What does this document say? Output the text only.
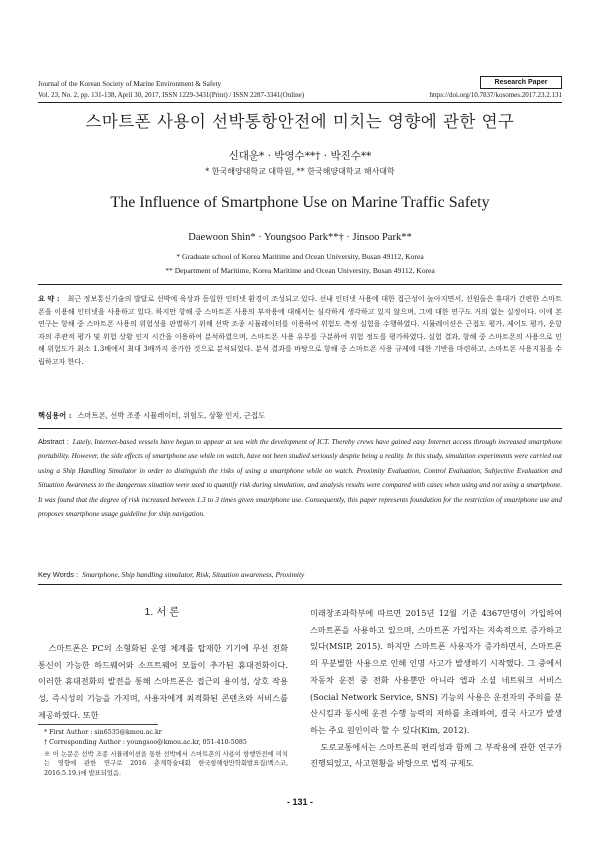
Journal of the Korean Society of Marine Environment & Safety
Vol. 23, No. 2, pp. 131-138, April 30, 2017, ISSN 1229-3431(Print) / ISSN 2287-3341(Online)	https://doi.org/10.7837/kosomes.2017.23.2.131
Research Paper
스마트폰 사용이 선박통항안전에 미치는 영향에 관한 연구
신대운* · 박영수**† · 박진수**
* 한국해양대학교 대학원, ** 한국해양대학교 해사대학
The Influence of Smartphone Use on Marine Traffic Safety
Daewoon Shin* · Youngsoo Park**† · Jinsoo Park**
* Graduate school of Korea Maritime and Ocean University, Busan 49112, Korea
** Department of Maritime, Korea Maritime and Ocean University, Busan 49112, Korea
요 약 : 최근 정보통신기술의 발달로 선박에 육상과 동일한 인터넷 환경이 조성되고 있다. 선내 인터넷 사용에 대한 접근성이 높아지면서, 선원들은 휴대가 간편한 스마트폰을 이용해 인터넷을 사용하고 있다. 하지만 항해 중 스마트폰 사용의 부작용에 대해서는 심각하게 생각하고 있지 않으며, 그에 대한 연구도 거의 없는 실정이다. 이에 본 연구는 항해 중 스마트폰 사용의 위험성을 판별하기 위해 선박 조종 시뮬레이터를 이용하여 위험도 측정 실험을 수행하였다. 시뮬레이션은 근접도 평가, 제어도 평가, 운항자의 주관적 평가 및 위험 상황 인지 시간을 이용하여 분석하였으며, 스마트폰 사용 유무를 구분하여 위험 정도를 평가하였다. 실험 결과, 항해 중 스마트폰의 사용으로 인해 위험도가 최소 1.3배에서 최대 3배까지 증가한 것으로 분석되었다. 분석 결과를 바탕으로 항해 중 스마트폰 사용 규제에 대한 기반을 마련하고, 스마트폰 사용지침을 수립하고자 한다.
핵심용어 : 스마트폰, 선박 조종 시뮬레이터, 위험도, 상황 인지, 근접도
Abstract : Lately, Internet-based vessels have begun to appear at sea with the development of ICT. Thereby crews have gained easy Internet access through increased smartphone portability. However, the side effects of smartphone use while on watch, have not been studied seriously despite being a reality. In this study, simulation experiments were carried out using a Ship Handling Simulator in order to distinguish the risks of using a smartphone while on watch. Proximity Evaluation, Control Evaluation, Subjective Evaluation and Situation Awareness to the dangerous situation were used to quantify risk during simulation, and analysis results were compared with cases when using and not using a smartphone. It was found that the degree of risk increased between 1.3 to 3 times given smartphone use. Consequently, this paper represents foundation for the restriction of smartphone use and proposes smartphone usage guideline for ship navigation.
Key Words : Smartphone, Ship handling simulator, Risk, Situation awareness, Proximity
1. 서 론
스마트폰은 PC의 소형화된 운영 체계를 탑재한 기기에 무선 전화 통신이 가능한 하드웨어와 소프트웨어 모듈이 추가된 휴대전화이다. 이러한 휴대전화의 발전을 통해 스마트폰은 접근의 용이성, 상호 작용성, 즉시성의 기능을 가지며, 사용자에게 최적화된 콘텐츠와 서비스를 제공하였다. 또한

미래창조과학부에 따르면 2015년 12월 기준 4367만명이 가입하여 스마트폰을 사용하고 있으며, 스마트폰 가입자는 지속적으로 증가하고 있다(MSIP, 2015). 하지만 스마트폰 사용자가 증가하면서, 스마트폰의 무분별한 사용으로 인해 인명 사고가 발생하기 시작했다. 그 중에서 자동차 운전 중 전화 사용뿐만 아니라 앱과 소셜 네트워크 서비스(Social Network Service, SNS) 기능의 사용은 운전자의 주의를 분산시킴과 동시에 운전 수행 능력의 저하를 초래하여, 결국 사고가 발생하는 주요 원인이라 할 수 있다(Kim, 2012).

도로교통에서는 스마트폰의 편리성과 함께 그 부작용에 관한 연구가 진행되었고, 사고현황을 바탕으로 법적 규제도

* First Author : sin6535@kmou.ac.kr
† Corresponding Author : youngsoo@kmou.ac.kr, 051-410-5085
※ 이 논문은 선박 조종 시뮬레이션을 통한 선박에서 스마트폰의 사용이 항행안전에 미치는 영향에 관한 연구로 2016 춘계학술대회 한국항해항만학회발표집(벡스코, 2016.5.19.)에 발표되었음.
- 131 -
